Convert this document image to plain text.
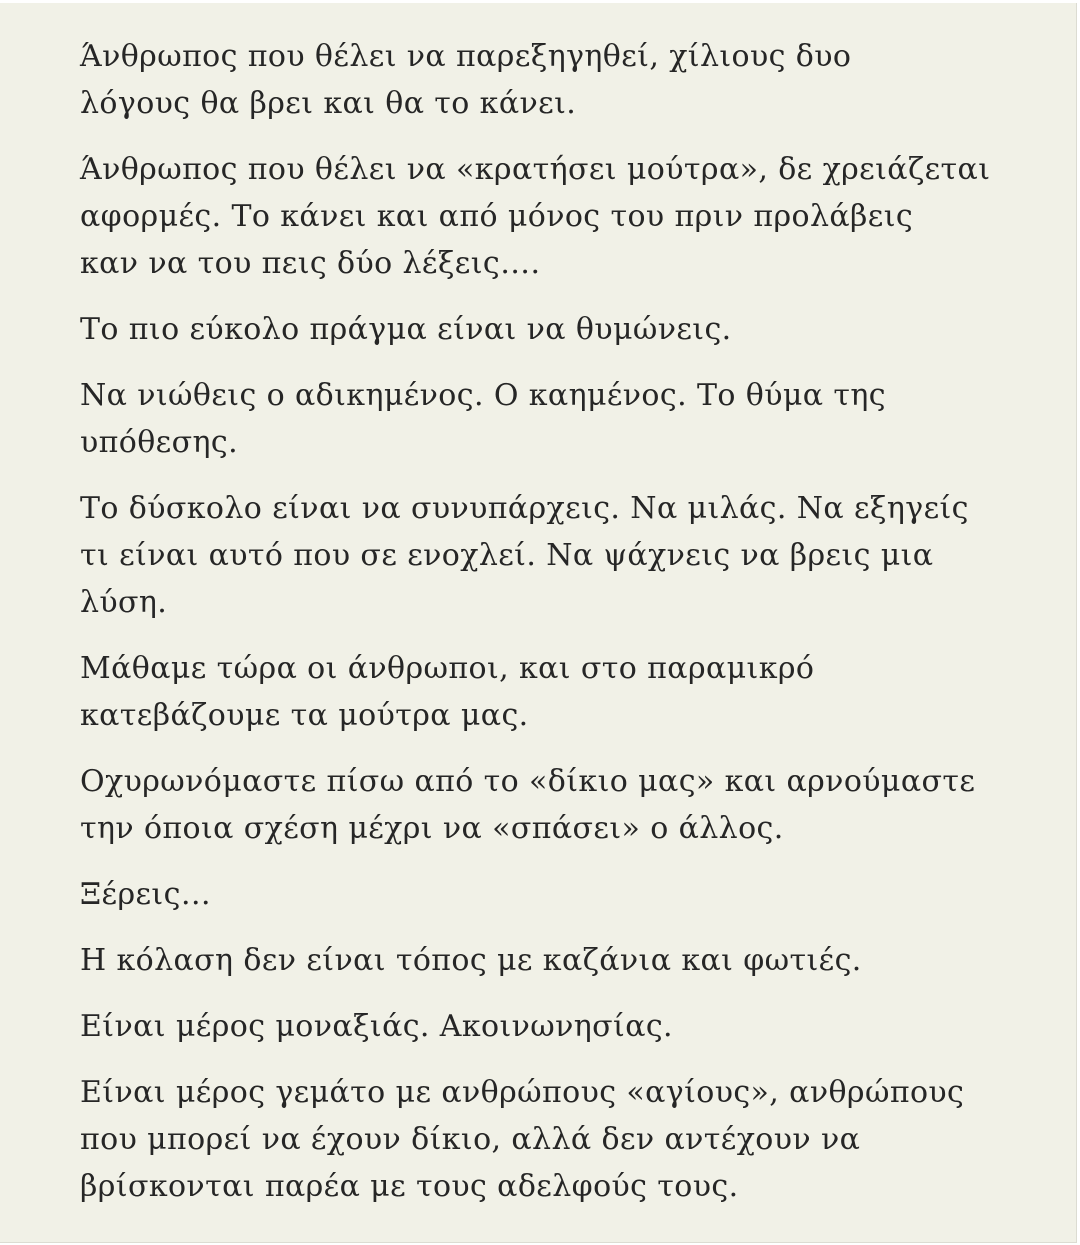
Άνθρωπος που θέλει να παρεξηγηθεί, χίλιους δυο
λόγους θα βρει και θα το κάνει.

Άνθρωπος που θέλει να «κρατήσει μούτρα», δε χρειάζεται
αφορμές. Το κάνει και από μόνος του πριν προλάβεις
καν να του πεις δύο λέξεις….

Το πιο εύκολο πράγμα είναι να θυμώνεις.

Να νιώθεις ο αδικημένος. Ο καημένος. Το θύμα της
υπόθεσης.

Το δύσκολο είναι να συνυπάρχεις. Να μιλάς. Να εξηγείς
τι είναι αυτό που σε ενοχλεί. Να ψάχνεις να βρεις μια
λύση.

Μάθαμε τώρα οι άνθρωποι, και στο παραμικρό
κατεβάζουμε τα μούτρα μας.

Οχυρωνόμαστε πίσω από το «δίκιο μας» και αρνούμαστε
την όποια σχέση μέχρι να «σπάσει» ο άλλος.

Ξέρεις…

Η κόλαση δεν είναι τόπος με καζάνια και φωτιές.

Είναι μέρος μοναξιάς. Ακοινωνησίας.

Είναι μέρος γεμάτο με ανθρώπους «αγίους», ανθρώπους
που μπορεί να έχουν δίκιο, αλλά δεν αντέχουν να
βρίσκονται παρέα με τους αδελφούς τους.
